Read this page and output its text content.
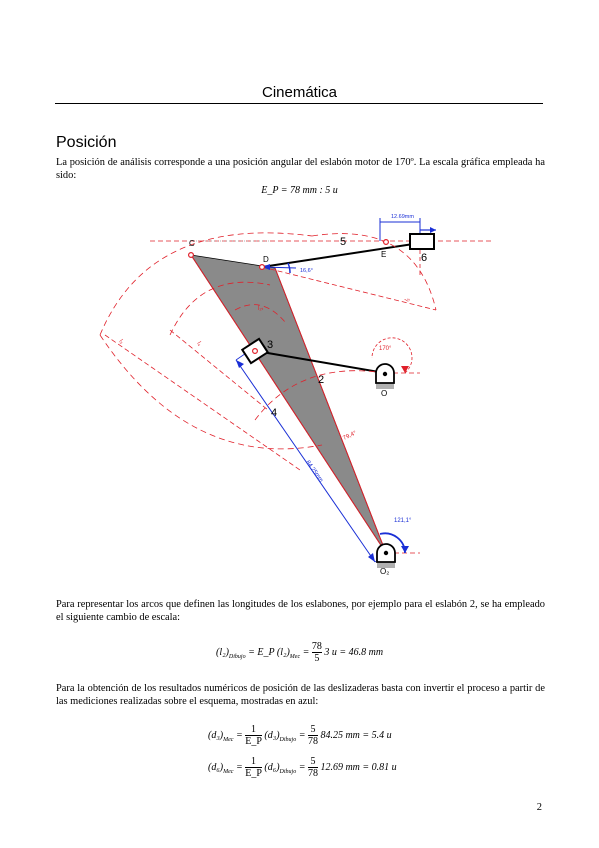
Cinemática
Posición
La posición de análisis corresponde a una posición angular del eslabón motor de 170º. La escala gráfica empleada ha sido:
E_P = 78 mm : 5 u
C
D
E
O
O₂
3
2
4
5
6
12.69mm
84.25mm
16,6°
170°
121,1°
79,4°
l₅
l₃	l₄
l₂ₜ
Para representar los arcos que definen las longitudes de los eslabones, por ejemplo para el eslabón 2, se ha empleado el siguiente cambio de escala:
$(l_2)_{Dibujo}$ = E_P $(l_2)_{Mec} = \frac{78}{5} 3$ u = 46.8 mm
Para la obtención de los resultados numéricos de posición de las deslizaderas basta con invertir el proceso a partir de las mediciones realizadas sobre el esquema, mostradas en azul:
$(d_3)_{Mec} = \frac{1}{E\_P} (d_3)_{Dibujo} = \frac{5}{78} 84.25$ mm = 5.4 u
$(d_6)_{Mec} = \frac{1}{E\_P} (d_6)_{Dibujo} = \frac{5}{78} 12.69$ mm = 0.81 u
2
